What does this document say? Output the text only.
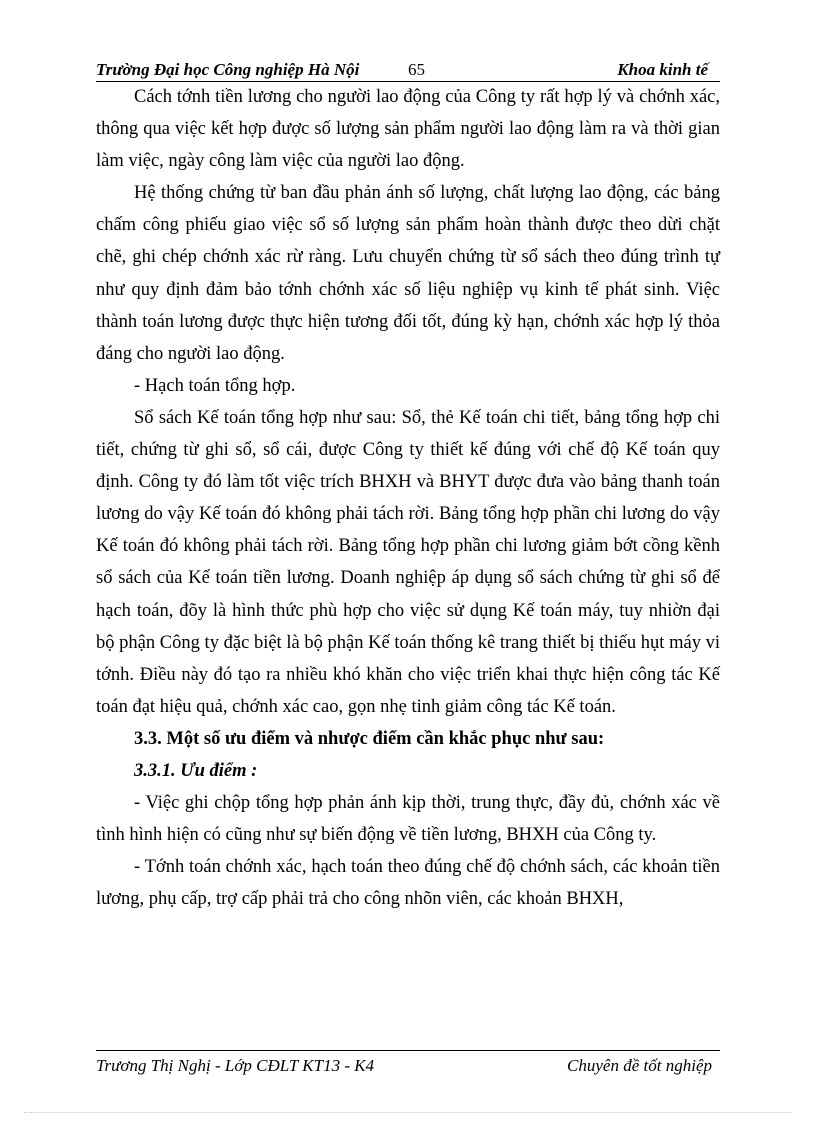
Trường Đại học Công nghiệp Hà Nội	65	Khoa kinh tế

Cách tớnh tiền lương cho người lao động của Công ty rất hợp lý và chớnh xác, thông qua việc kết hợp được số lượng sản phẩm người lao động làm ra và thời gian làm việc, ngày công làm việc của người lao động.

Hệ thống chứng từ ban đầu phản ánh số lượng, chất lượng lao động, các bảng chấm công phiếu giao việc sổ số lượng sản phẩm hoàn thành được theo dừi chặt chẽ, ghi chép chớnh xác rừ ràng. Lưu chuyển chứng từ sổ sách theo đúng trình tự như quy định đảm bảo tớnh chớnh xác số liệu nghiệp vụ kinh tế phát sinh. Việc thành toán lương được thực hiện tương đối tốt, đúng kỳ hạn, chớnh xác hợp lý thỏa đáng cho người lao động.

- Hạch toán tổng hợp.

Sổ sách Kế toán tổng hợp như sau: Sổ, thẻ Kế toán chi tiết, bảng tổng hợp chi tiết, chứng từ ghi sổ, sổ cái, được Công ty thiết kế đúng với chế độ Kế toán quy định. Công ty đó làm tốt việc trích BHXH và BHYT được đưa vào bảng thanh toán lương do vậy Kế toán đó không phải tách rời. Bảng tổng hợp phần chi lương do vậy Kế toán đó không phải tách rời. Bảng tổng hợp phần chi lương giảm bớt cồng kềnh sổ sách của Kế toán tiền lương. Doanh nghiệp áp dụng sổ sách chứng từ ghi sổ để hạch toán, đõy là hình thức phù hợp cho việc sử dụng Kế toán máy, tuy nhiờn đại bộ phận Công ty đặc biệt là bộ phận Kế toán thống kê trang thiết bị thiếu hụt máy vi tớnh. Điều này đó tạo ra nhiều khó khăn cho việc triển khai thực hiện công tác Kế toán đạt hiệu quả, chớnh xác cao, gọn nhẹ tinh giảm công tác Kế toán.

3.3. Một số ưu điểm và nhược điểm cần khắc phục như sau:

3.3.1. Ưu điểm :

- Việc ghi chộp tổng hợp phản ánh kịp thời, trung thực, đầy đủ, chớnh xác về tình hình hiện có cũng như sự biến động về tiền lương, BHXH của Công ty.

- Tớnh toán chớnh xác, hạch toán theo đúng chế độ chớnh sách, các khoản tiền lương, phụ cấp, trợ cấp phải trả cho công nhõn viên, các khoản BHXH,

Trương Thị Nghị - Lớp CĐLT KT13 - K4	Chuyên đề tốt nghiệp
